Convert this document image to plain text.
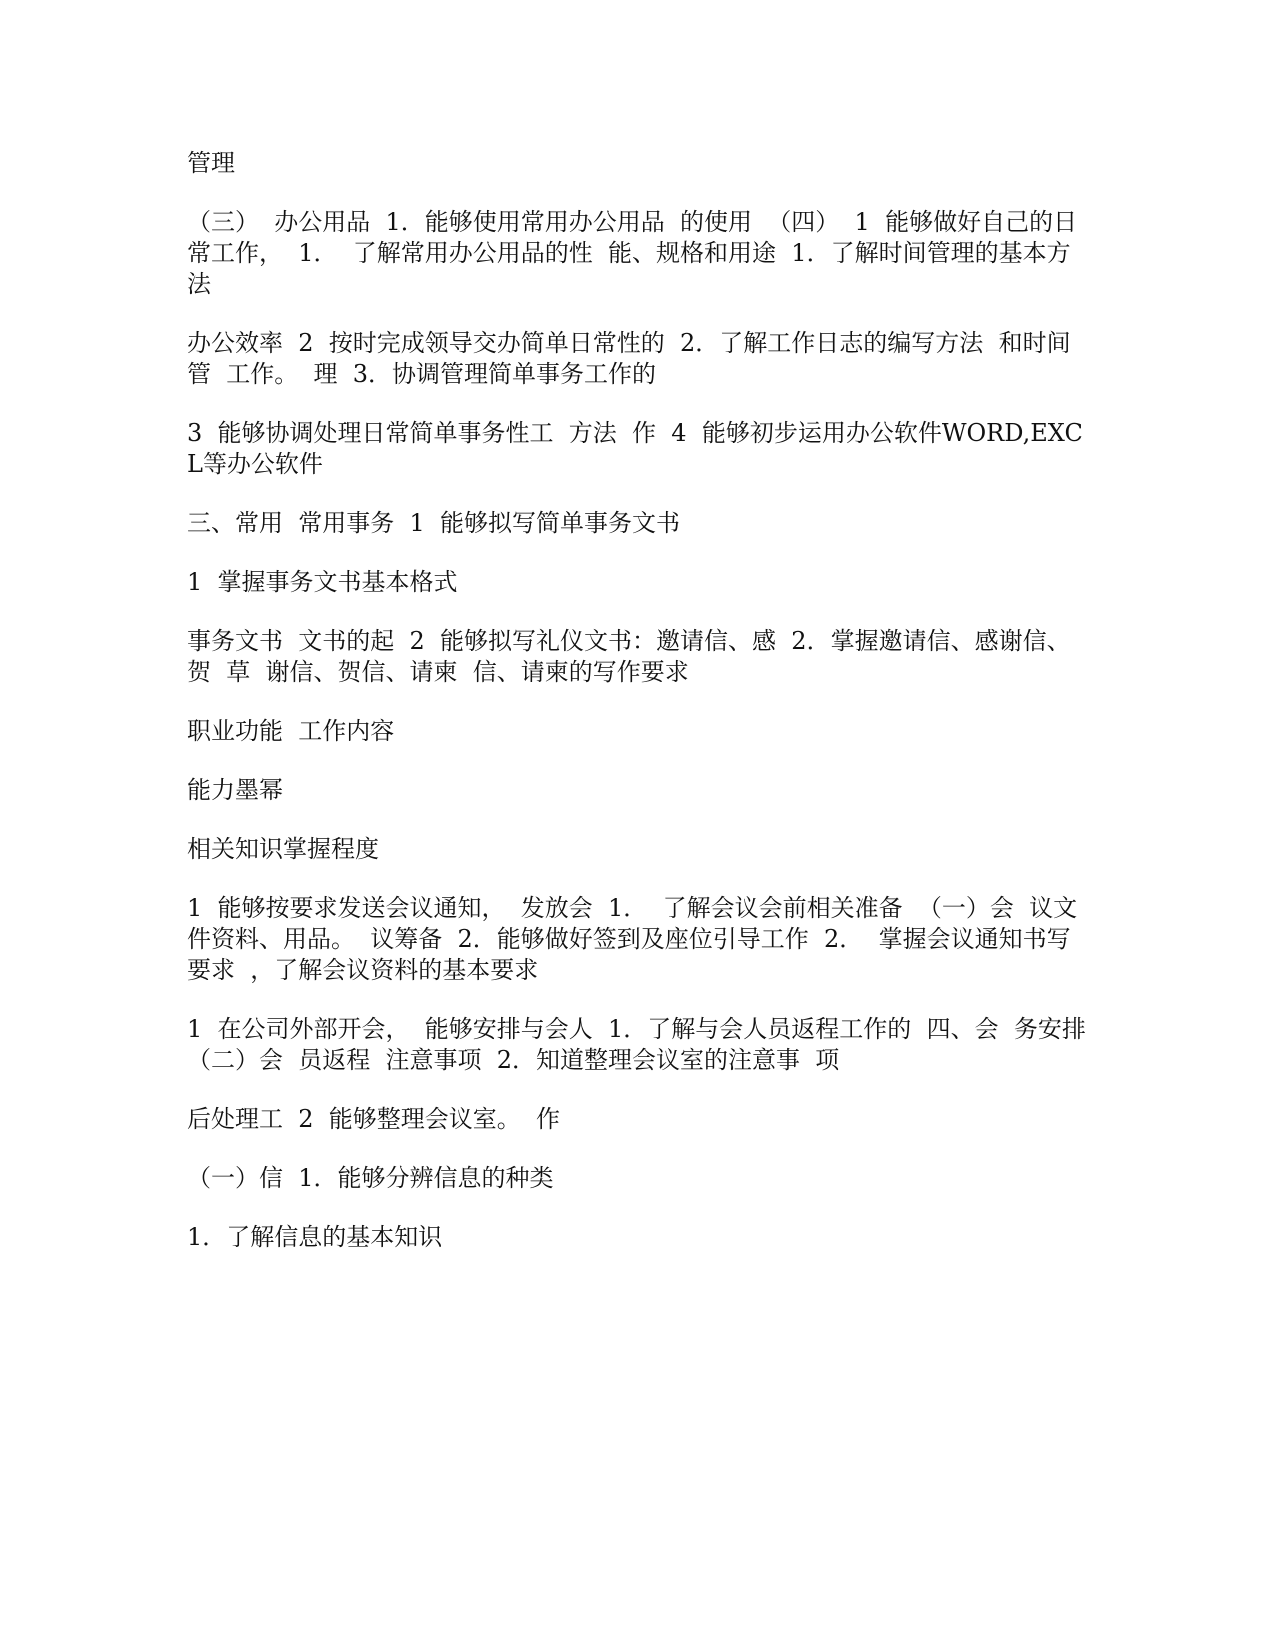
管理

（三）  办公用品  1．能够使用常用办公用品  的使用  （四）  1  能够做好自己的日常工作，  1．  了解常用办公用品的性  能、规格和用途  1．了解时间管理的基本方法

办公效率  2  按时完成领导交办简单日常性的  2．了解工作日志的编写方法  和时间管  工作。  理  3．协调管理简单事务工作的

3  能够协调处理日常简单事务性工  方法  作  4  能够初步运用办公软件WORD,EXCL等办公软件

三、常用  常用事务  1  能够拟写简单事务文书

1  掌握事务文书基本格式

事务文书  文书的起  2  能够拟写礼仪文书：邀请信、感  2．掌握邀请信、感谢信、贺  草  谢信、贺信、请柬  信、请柬的写作要求

职业功能  工作内容

能力墨幂

相关知识掌握程度

1  能够按要求发送会议通知，  发放会  1．  了解会议会前相关准备  （一）会  议文件资料、用品。  议筹备  2．能够做好签到及座位引导工作  2．  掌握会议通知书写要求  ，了解会议资料的基本要求

1  在公司外部开会，  能够安排与会人  1．了解与会人员返程工作的  四、会  务安排  （二）会  员返程  注意事项  2．知道整理会议室的注意事  项

后处理工  2  能够整理会议室。  作

（一）信  1．能够分辨信息的种类

1．了解信息的基本知识
